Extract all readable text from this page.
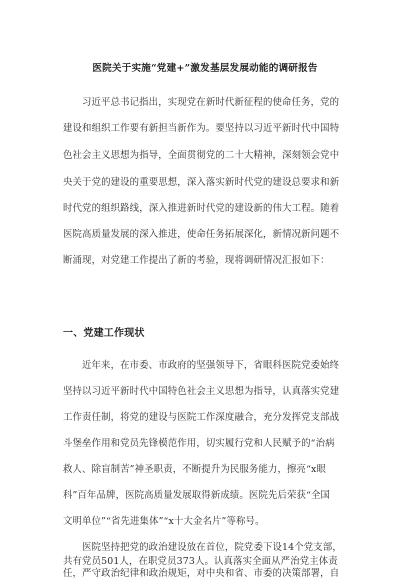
医院关于实施“党建+”激发基层发展动能的调研报告
习近平总书记指出，实现党在新时代新征程的使命任务，党的
建设和组织工作要有新担当新作为。要坚持以习近平新时代中国特
色社会主义思想为指导，全面贯彻党的二十大精神，深刻领会党中
央关于党的建设的重要思想，深入落实新时代党的建设总要求和新
时代党的组织路线，深入推进新时代党的建设新的伟大工程。随着
医院高质量发展的深入推进，使命任务拓展深化，新情况新问题不
断涌现，对党建工作提出了新的考验，现将调研情况汇报如下：
一、党建工作现状
近年来，在市委、市政府的坚强领导下，省眼科医院党委始终
坚持以习近平新时代中国特色社会主义思想为指导，认真落实党建
工作责任制，将党的建设与医院工作深度融合，充分发挥党支部战
斗堡垒作用和党员先锋模范作用，切实履行党和人民赋予的“治病
救人、除盲制苦”神圣职责，不断提升为民服务能力，擦亮“x眼
科”百年品牌，医院高质量发展取得新成绩。医院先后荣获“全国
文明单位”“省先进集体”“x十大金名片”等称号。
医院坚持把党的政治建设放在首位，院党委下设14个党支部，
共有党员501人，在职党员373人。认真落实全面从严治党主体责
任，严守政治纪律和政治规矩，对中央和省、市委的决策部署，自
